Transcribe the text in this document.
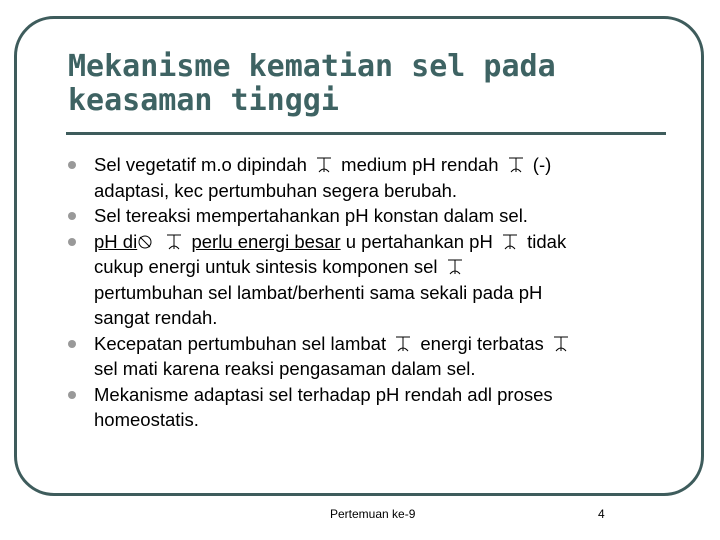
Mekanisme kematian sel pada
keasaman tinggi
Sel vegetatif m.o dipindah medium pH rendah (-)
adaptasi, kec pertumbuhan segera berubah.
Sel tereaksi mempertahankan pH konstan dalam sel.
pH di	perlu energi besar u pertahankan pH tidak
cukup energi untuk sintesis komponen sel
pertumbuhan sel lambat/berhenti sama sekali pada pH
sangat rendah.
Kecepatan pertumbuhan sel lambat energi terbatas
sel mati karena reaksi pengasaman dalam sel.
Mekanisme adaptasi sel terhadap pH rendah adl proses
homeostatis.
Pertemuan ke-9	4
